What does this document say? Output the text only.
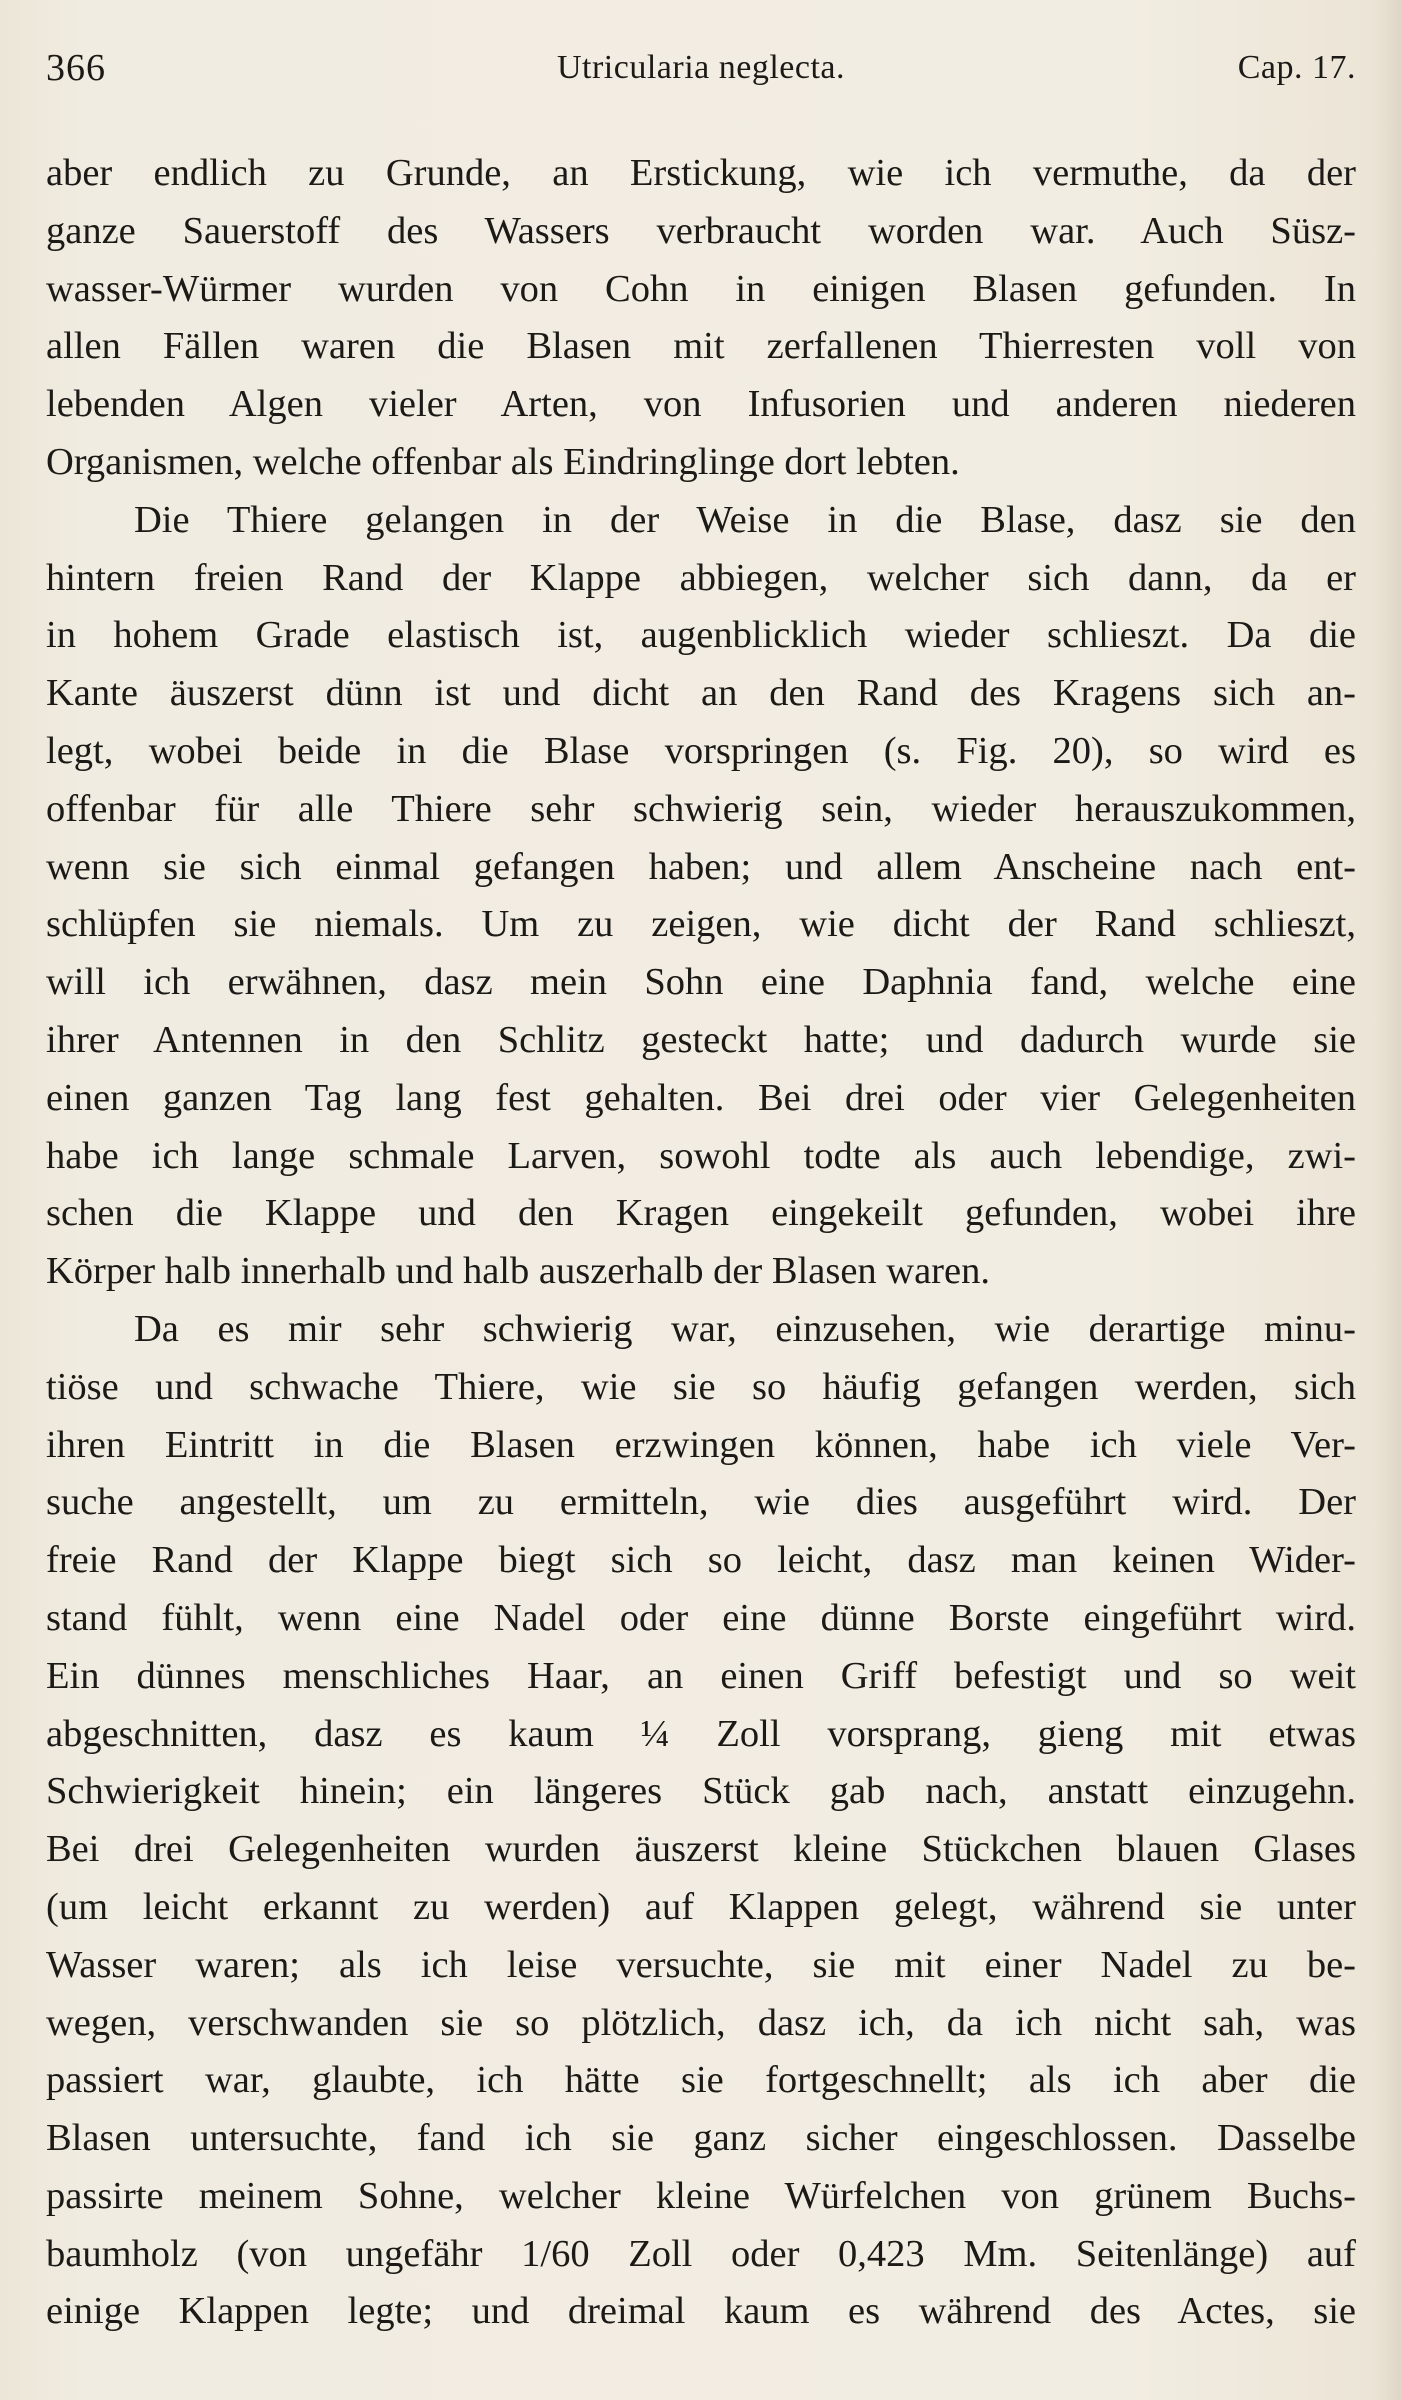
366	Utricularia neglecta.	Cap. 17.
aber endlich zu Grunde, an Erstickung, wie ich vermuthe, da der
ganze Sauerstoff des Wassers verbraucht worden war. Auch Süsz-
wasser-Würmer wurden von Cohn in einigen Blasen gefunden. In
allen Fällen waren die Blasen mit zerfallenen Thierresten voll von
lebenden Algen vieler Arten, von Infusorien und anderen niederen
Organismen, welche offenbar als Eindringlinge dort lebten.
Die Thiere gelangen in der Weise in die Blase, dasz sie den
hintern freien Rand der Klappe abbiegen, welcher sich dann, da er
in hohem Grade elastisch ist, augenblicklich wieder schlieszt. Da die
Kante äuszerst dünn ist und dicht an den Rand des Kragens sich an-
legt, wobei beide in die Blase vorspringen (s. Fig. 20), so wird es
offenbar für alle Thiere sehr schwierig sein, wieder herauszukommen,
wenn sie sich einmal gefangen haben; und allem Anscheine nach ent-
schlüpfen sie niemals. Um zu zeigen, wie dicht der Rand schlieszt,
will ich erwähnen, dasz mein Sohn eine Daphnia fand, welche eine
ihrer Antennen in den Schlitz gesteckt hatte; und dadurch wurde sie
einen ganzen Tag lang fest gehalten. Bei drei oder vier Gelegenheiten
habe ich lange schmale Larven, sowohl todte als auch lebendige, zwi-
schen die Klappe und den Kragen eingekeilt gefunden, wobei ihre
Körper halb innerhalb und halb auszerhalb der Blasen waren.
Da es mir sehr schwierig war, einzusehen, wie derartige minu-
tiöse und schwache Thiere, wie sie so häufig gefangen werden, sich
ihren Eintritt in die Blasen erzwingen können, habe ich viele Ver-
suche angestellt, um zu ermitteln, wie dies ausgeführt wird. Der
freie Rand der Klappe biegt sich so leicht, dasz man keinen Wider-
stand fühlt, wenn eine Nadel oder eine dünne Borste eingeführt wird.
Ein dünnes menschliches Haar, an einen Griff befestigt und so weit
abgeschnitten, dasz es kaum ¼ Zoll vorsprang, gieng mit etwas
Schwierigkeit hinein; ein längeres Stück gab nach, anstatt einzugehn.
Bei drei Gelegenheiten wurden äuszerst kleine Stückchen blauen Glases
(um leicht erkannt zu werden) auf Klappen gelegt, während sie unter
Wasser waren; als ich leise versuchte, sie mit einer Nadel zu be-
wegen, verschwanden sie so plötzlich, dasz ich, da ich nicht sah, was
passiert war, glaubte, ich hätte sie fortgeschnellt; als ich aber die
Blasen untersuchte, fand ich sie ganz sicher eingeschlossen. Dasselbe
passirte meinem Sohne, welcher kleine Würfelchen von grünem Buchs-
baumholz (von ungefähr 1/60 Zoll oder 0,423 Mm. Seitenlänge) auf
einige Klappen legte; und dreimal kaum es während des Actes, sie
